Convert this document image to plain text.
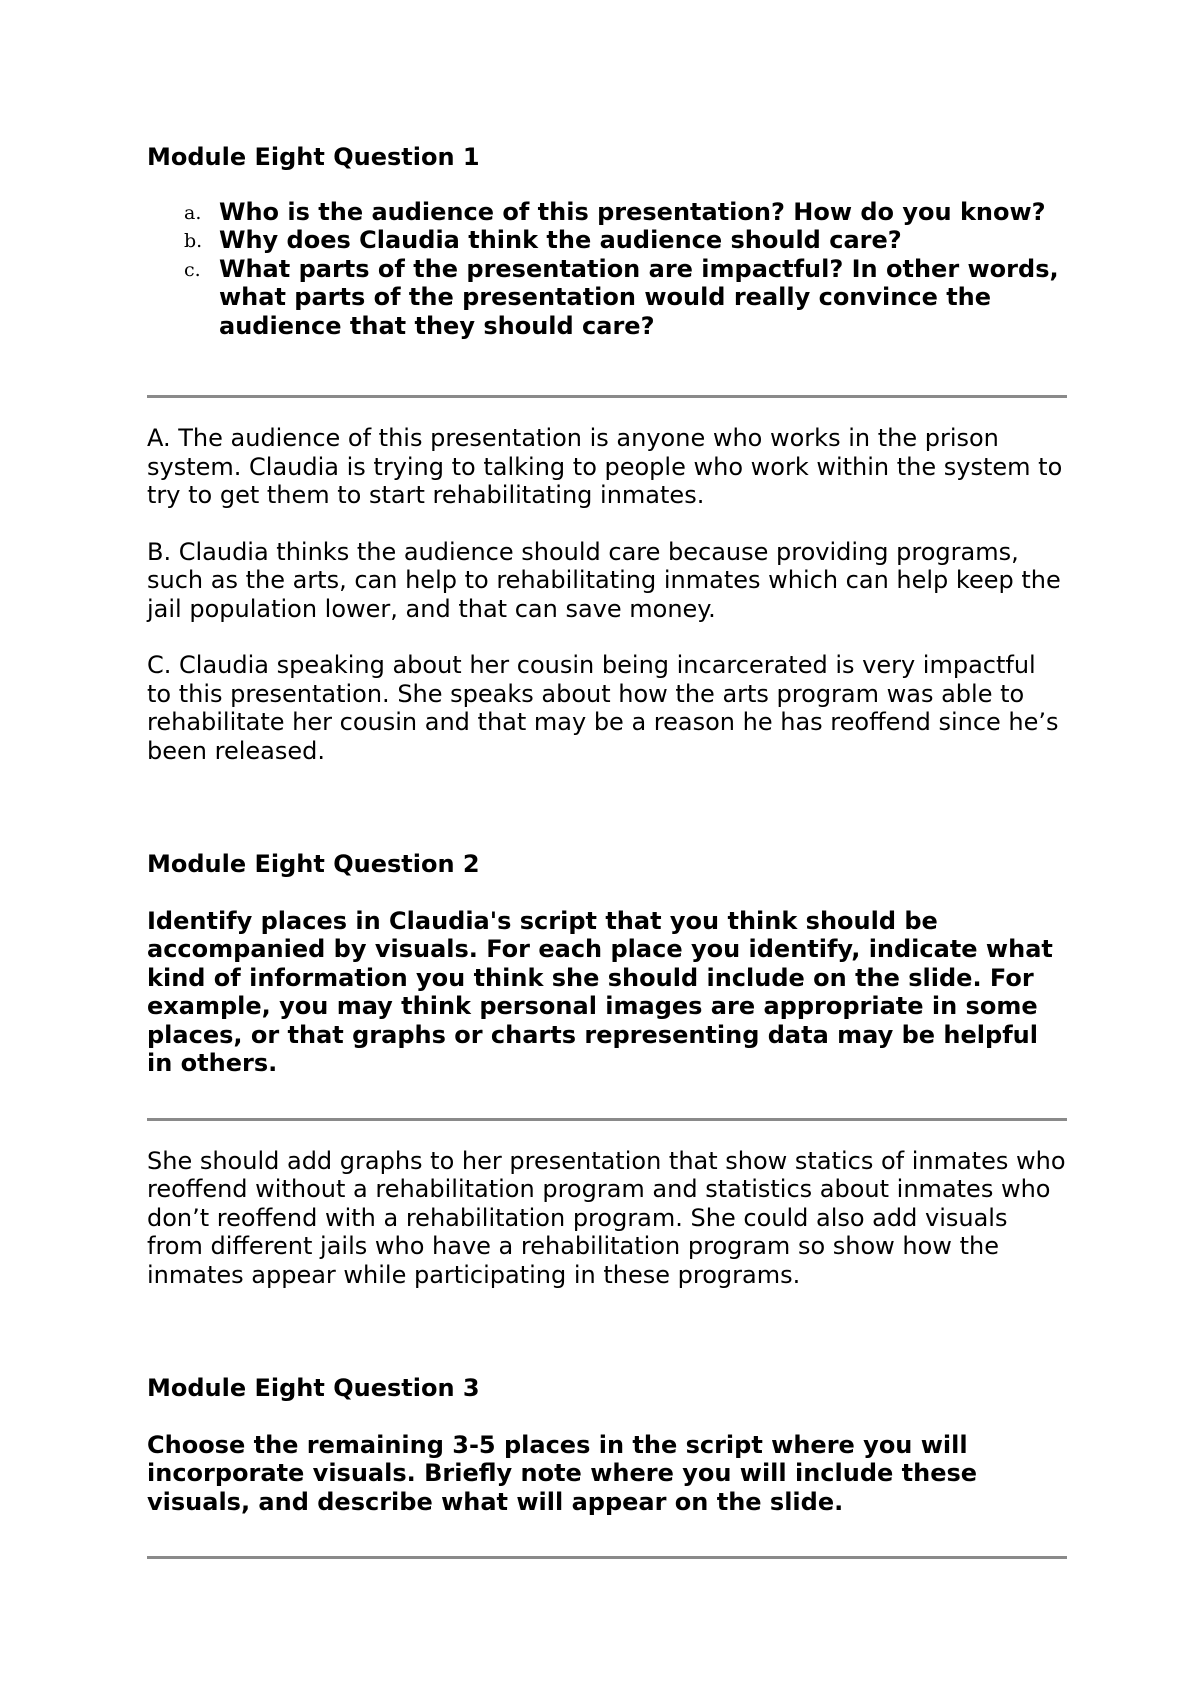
Module Eight Question 1

a. Who is the audience of this presentation? How do you know?
b. Why does Claudia think the audience should care?
c. What parts of the presentation are impactful? In other words, what parts of the presentation would really convince the audience that they should care?

A. The audience of this presentation is anyone who works in the prison system. Claudia is trying to talking to people who work within the system to try to get them to start rehabilitating inmates.

B. Claudia thinks the audience should care because providing programs, such as the arts, can help to rehabilitating inmates which can help keep the jail population lower, and that can save money.

C. Claudia speaking about her cousin being incarcerated is very impactful to this presentation. She speaks about how the arts program was able to rehabilitate her cousin and that may be a reason he has reoffend since he’s been released.

Module Eight Question 2

Identify places in Claudia's script that you think should be accompanied by visuals. For each place you identify, indicate what kind of information you think she should include on the slide. For example, you may think personal images are appropriate in some places, or that graphs or charts representing data may be helpful in others.

She should add graphs to her presentation that show statics of inmates who reoffend without a rehabilitation program and statistics about inmates who don’t reoffend with a rehabilitation program. She could also add visuals from different jails who have a rehabilitation program so show how the inmates appear while participating in these programs.

Module Eight Question 3

Choose the remaining 3-5 places in the script where you will incorporate visuals. Briefly note where you will include these visuals, and describe what will appear on the slide.
